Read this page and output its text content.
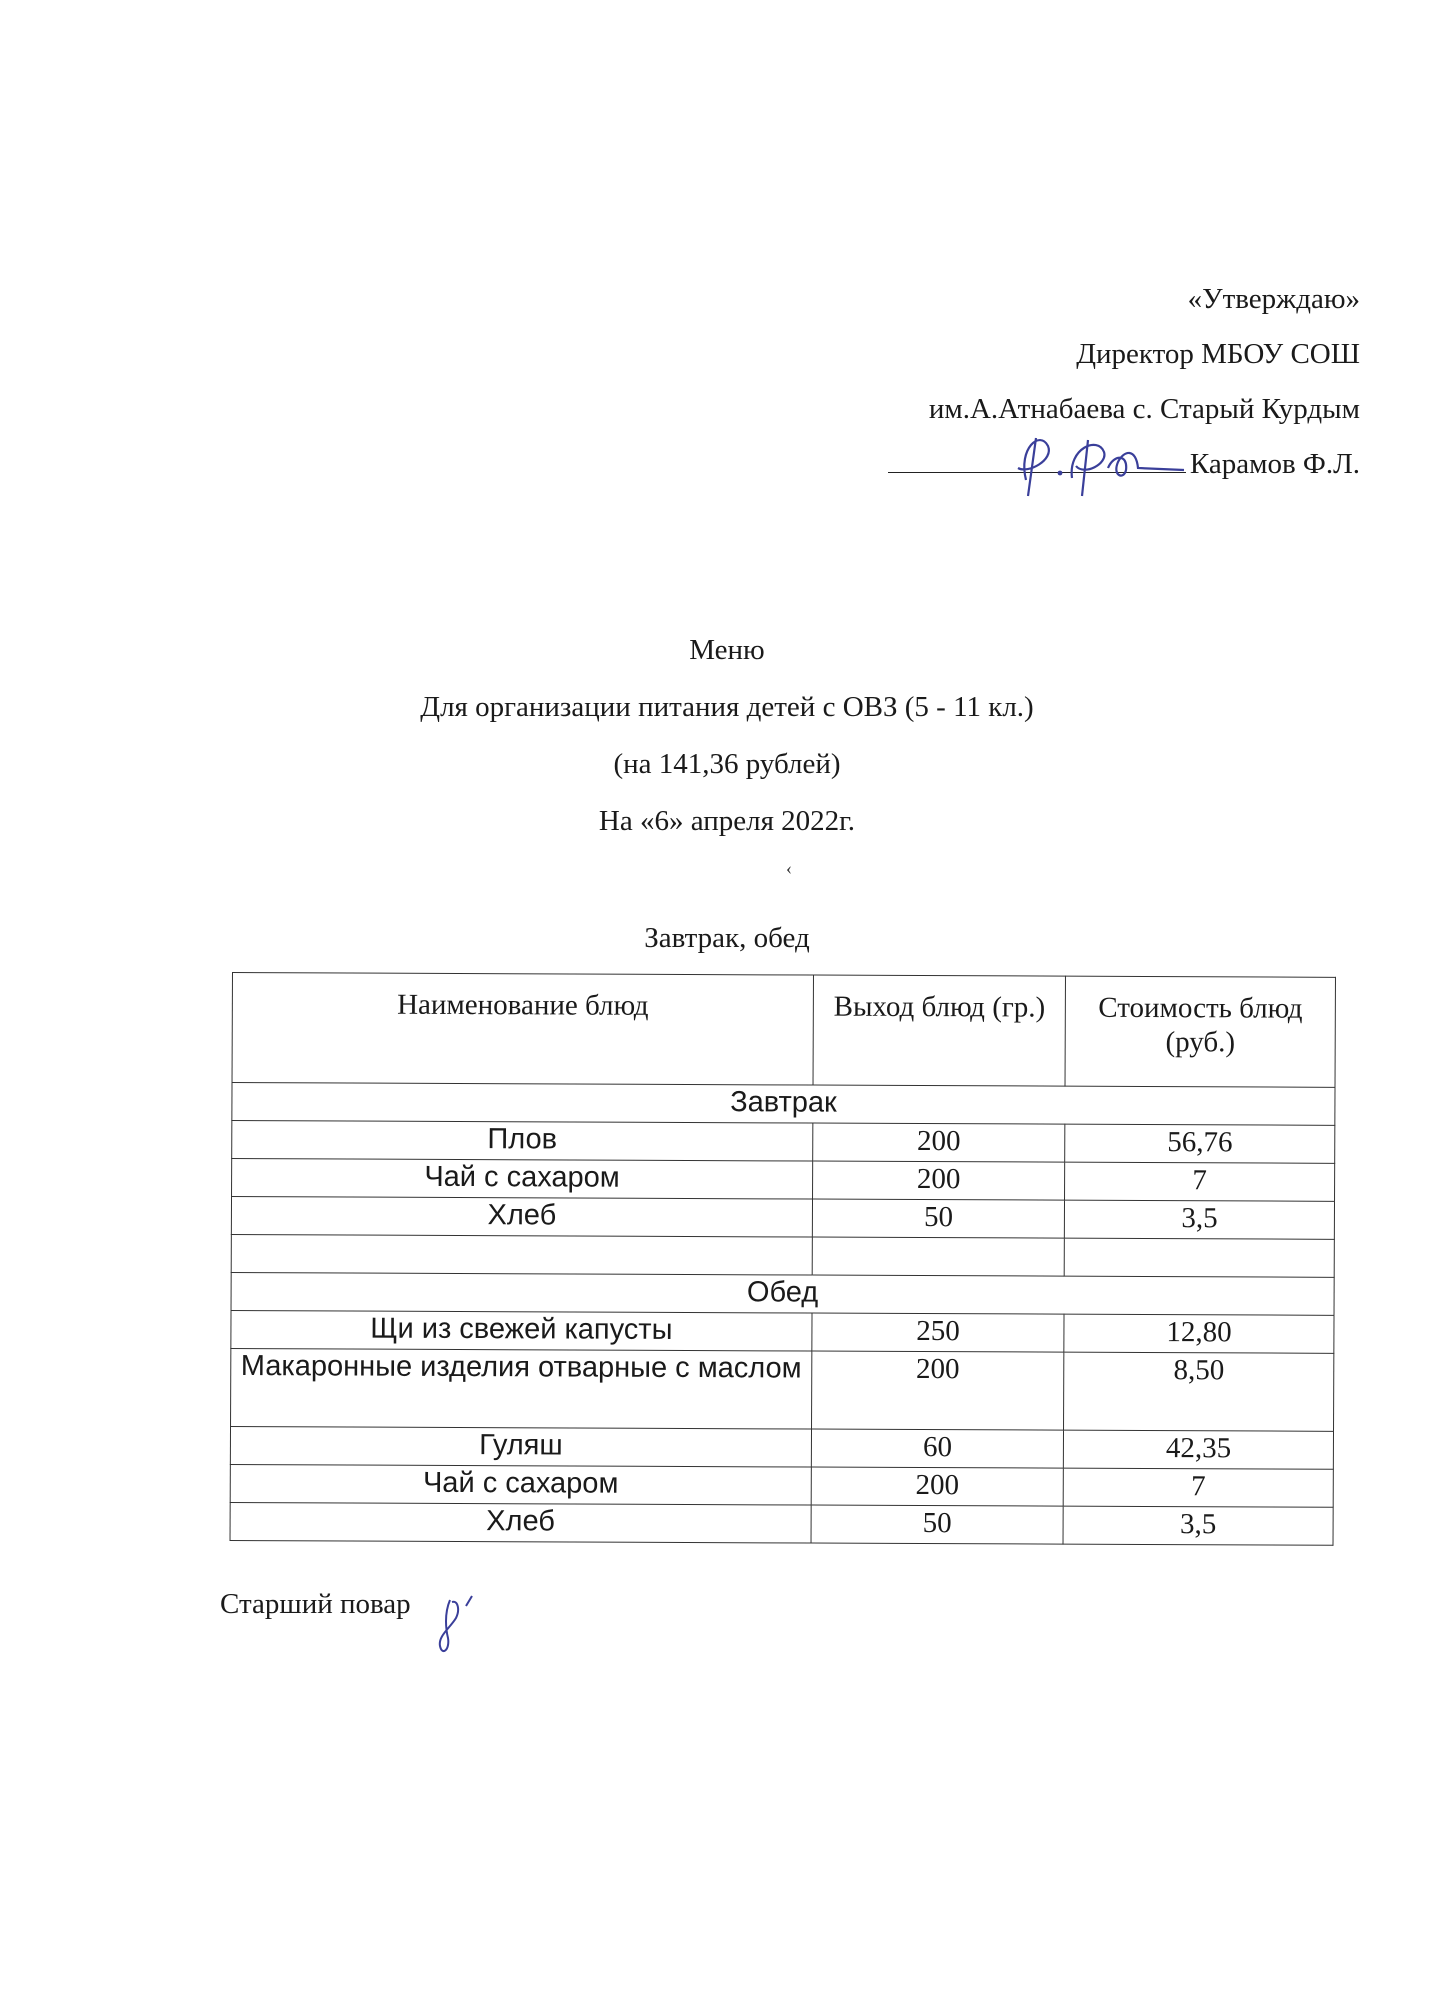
«Утверждаю»
Директор МБОУ СОШ
им.А.Атнабаева с. Старый Курдым
Карамов Ф.Л.
Меню
Для организации питания детей с ОВЗ (5 - 11 кл.)
(на 141,36 рублей)
На «6» апреля 2022г.
‹
Завтрак, обед
Наименование блюд	Выход блюд (гр.)	Стоимость блюд (руб.)
Завтрак		
Плов	200	56,76
Чай с сахаром	200	7
Хлеб	50	3,5

Обед		
Щи из свежей капусты	250	12,80
Макаронные изделия отварные с маслом	200	8,50
Гуляш	60	42,35
Чай с сахаром	200	7
Хлеб	50	3,5
Старший повар
